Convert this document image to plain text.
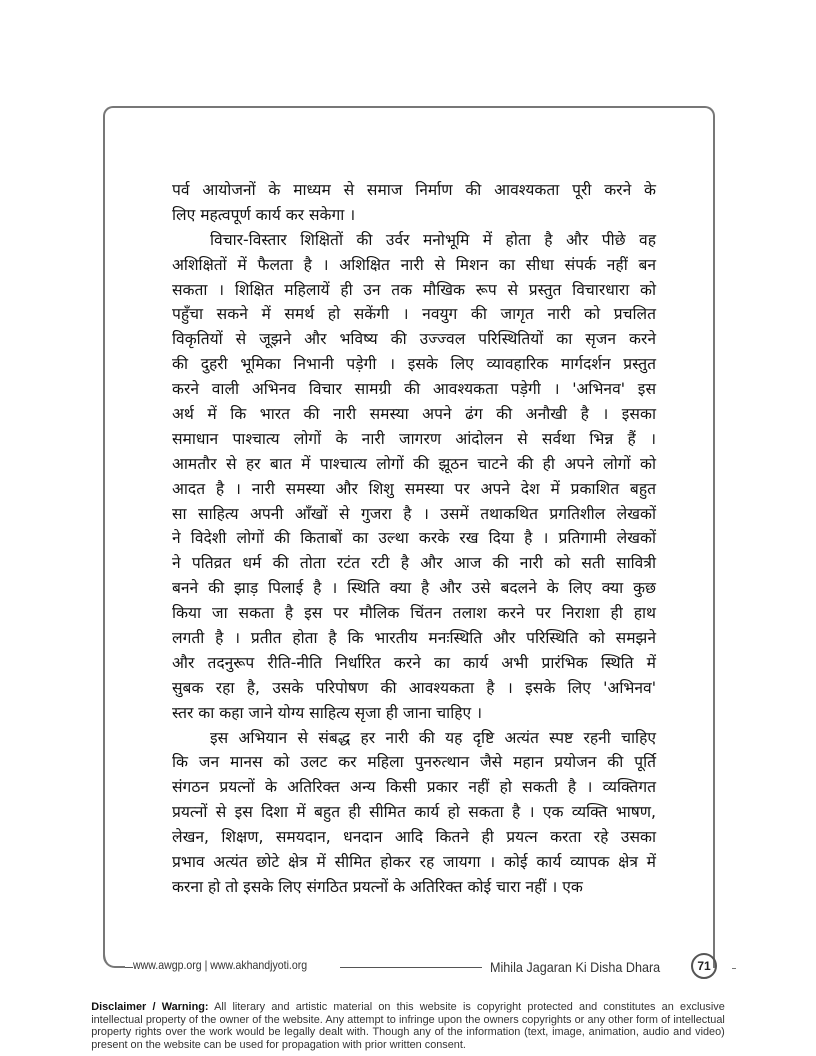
पर्व आयोजनों के माध्यम से समाज निर्माण की आवश्यकता पूरी करने के
लिए महत्वपूर्ण कार्य कर सकेगा ।
विचार-विस्तार शिक्षितों की उर्वर मनोभूमि में होता है और पीछे वह
अशिक्षितों में फैलता है । अशिक्षित नारी से मिशन का सीधा संपर्क नहीं बन
सकता । शिक्षित महिलायें ही उन तक मौखिक रूप से प्रस्तुत विचारधारा को
पहुँचा सकने में समर्थ हो सकेंगी । नवयुग की जागृत नारी को प्रचलित
विकृतियों से जूझने और भविष्य की उज्ज्वल परिस्थितियों का सृजन करने
की दुहरी भूमिका निभानी पड़ेगी । इसके लिए व्यावहारिक मार्गदर्शन प्रस्तुत
करने वाली अभिनव विचार सामग्री की आवश्यकता पड़ेगी । 'अभिनव' इस
अर्थ में कि भारत की नारी समस्या अपने ढंग की अनौखी है । इसका
समाधान पाश्चात्य लोगों के नारी जागरण आंदोलन से सर्वथा भिन्न हैं ।
आमतौर से हर बात में पाश्चात्य लोगों की झूठन चाटने की ही अपने लोगों को
आदत है । नारी समस्या और शिशु समस्या पर अपने देश में प्रकाशित बहुत
सा साहित्य अपनी आँखों से गुजरा है । उसमें तथाकथित प्रगतिशील लेखकों
ने विदेशी लोगों की किताबों का उल्था करके रख दिया है । प्रतिगामी लेखकों
ने पतिव्रत धर्म की तोता रटंत रटी है और आज की नारी को सती सावित्री
बनने की झाड़ पिलाई है । स्थिति क्या है और उसे बदलने के लिए क्या कुछ
किया जा सकता है इस पर मौलिक चिंतन तलाश करने पर निराशा ही हाथ
लगती है । प्रतीत होता है कि भारतीय मनःस्थिति और परिस्थिति को समझने
और तदनुरूप रीति-नीति निर्धारित करने का कार्य अभी प्रारंभिक स्थिति में
सुबक रहा है, उसके परिपोषण की आवश्यकता है । इसके लिए 'अभिनव'
स्तर का कहा जाने योग्य साहित्य सृजा ही जाना चाहिए ।
इस अभियान से संबद्ध हर नारी की यह दृष्टि अत्यंत स्पष्ट रहनी चाहिए
कि जन मानस को उलट कर महिला पुनरुत्थान जैसे महान प्रयोजन की पूर्ति
संगठन प्रयत्नों के अतिरिक्त अन्य किसी प्रकार नहीं हो सकती है । व्यक्तिगत
प्रयत्नों से इस दिशा में बहुत ही सीमित कार्य हो सकता है । एक व्यक्ति भाषण,
लेखन, शिक्षण, समयदान, धनदान आदि कितने ही प्रयत्न करता रहे उसका
प्रभाव अत्यंत छोटे क्षेत्र में सीमित होकर रह जायगा । कोई कार्य व्यापक क्षेत्र में
करना हो तो इसके लिए संगठित प्रयत्नों के अतिरिक्त कोई चारा नहीं । एक
www.awgp.org | www.akhandjyoti.org	Mihila Jagaran Ki Disha Dhara	71
Disclaimer / Warning: All literary and artistic material on this website is copyright protected and constitutes an exclusive intellectual property of the owner of the website. Any attempt to infringe upon the owners copyrights or any other form of intellectual property rights over the work would be legally dealt with. Though any of the information (text, image, animation, audio and video) present on the website can be used for propagation with prior written consent.
